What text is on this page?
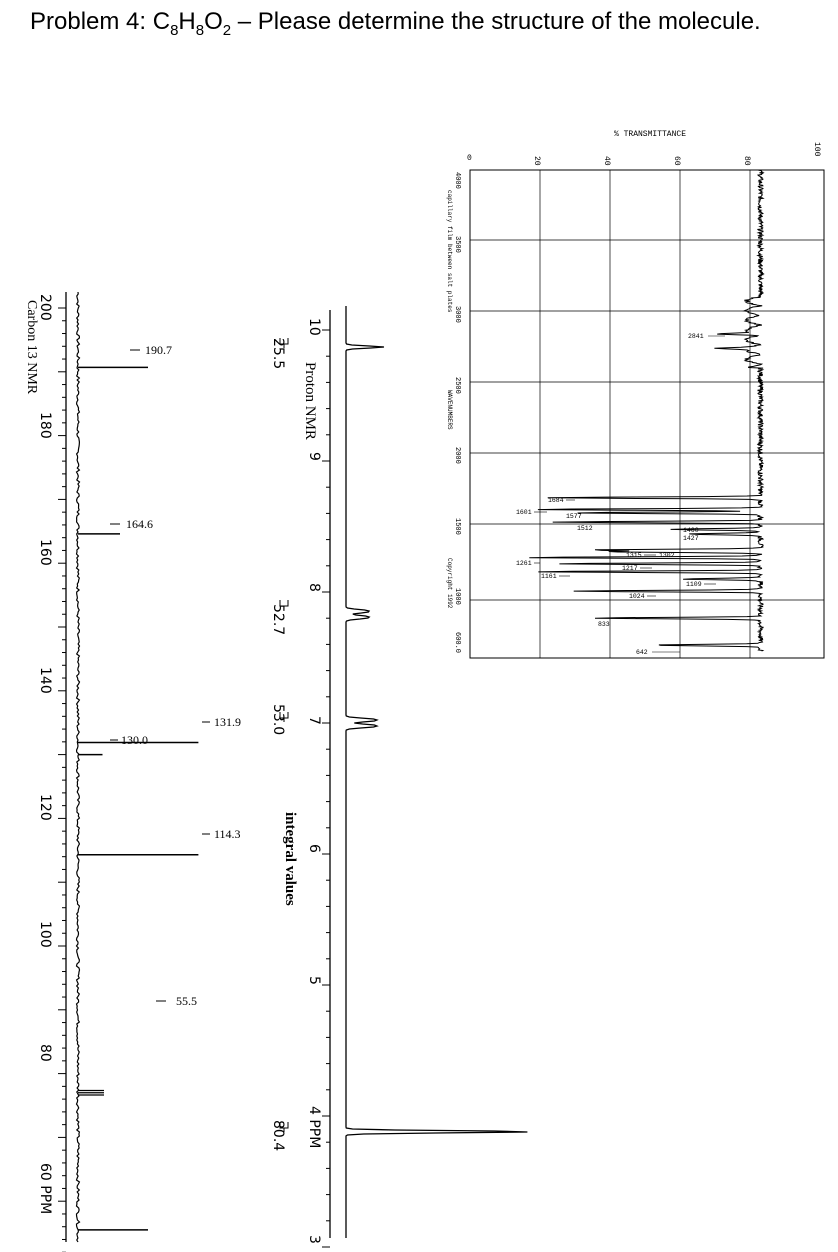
Problem 4: $C_8H_8O_2$ – Please determine the structure of the molecule.
Carbon 13 NMR
200
180
160
140
120
100
80
60 PPM
190.7
164.6
131.9
130.0
114.3
55.5
Proton NMR
integral values
10
9
8
7
6
5
4 PPM
3
25.5
52.7
53.0
80.4
% TRANSMITTANCE
0	20	40	60	80
100
4000
3500
3000
2500
2000
1500
1000
600.0
WAVENUMBERS
capillary film between salt plates
Copyright 1992
2841
1684
1601
1577
1512	1460
1427
1315	1302
1261
1217
1161
1109
1024
833
642
